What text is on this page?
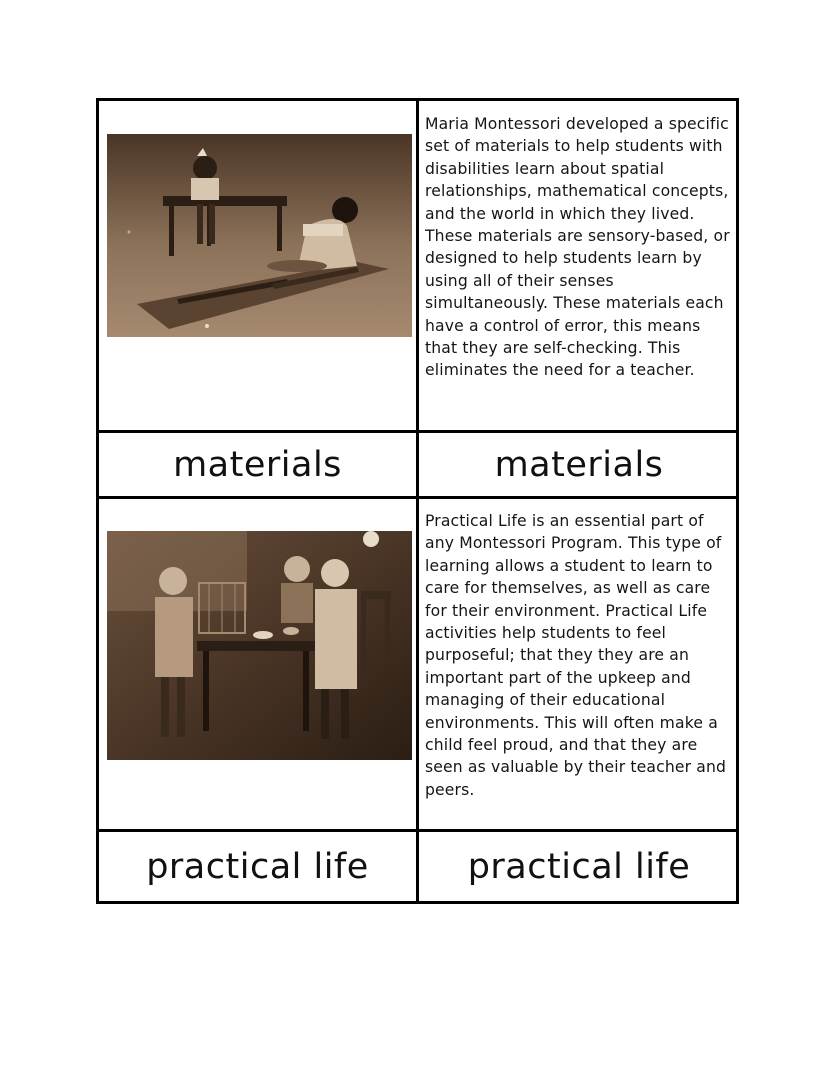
Maria Montessori developed a specific set of materials to help students with disabilities learn about spatial relationships, mathematical concepts, and the world in which they lived. These materials are sensory-based, or designed to help students learn by using all of their senses simultaneously. These materials each have a control of error, this means that they are self-checking. This eliminates the need for a teacher.
materials	materials
Practical Life is an essential part of any Montessori Program. This type of learning allows a student to learn to care for themselves, as well as care for their environment. Practical Life activities help students to feel purposeful; that they they are an important part of the upkeep and managing of their educational environments. This will often make a child feel proud, and that they are seen as valuable by their teacher and peers.
practical life	practical life
